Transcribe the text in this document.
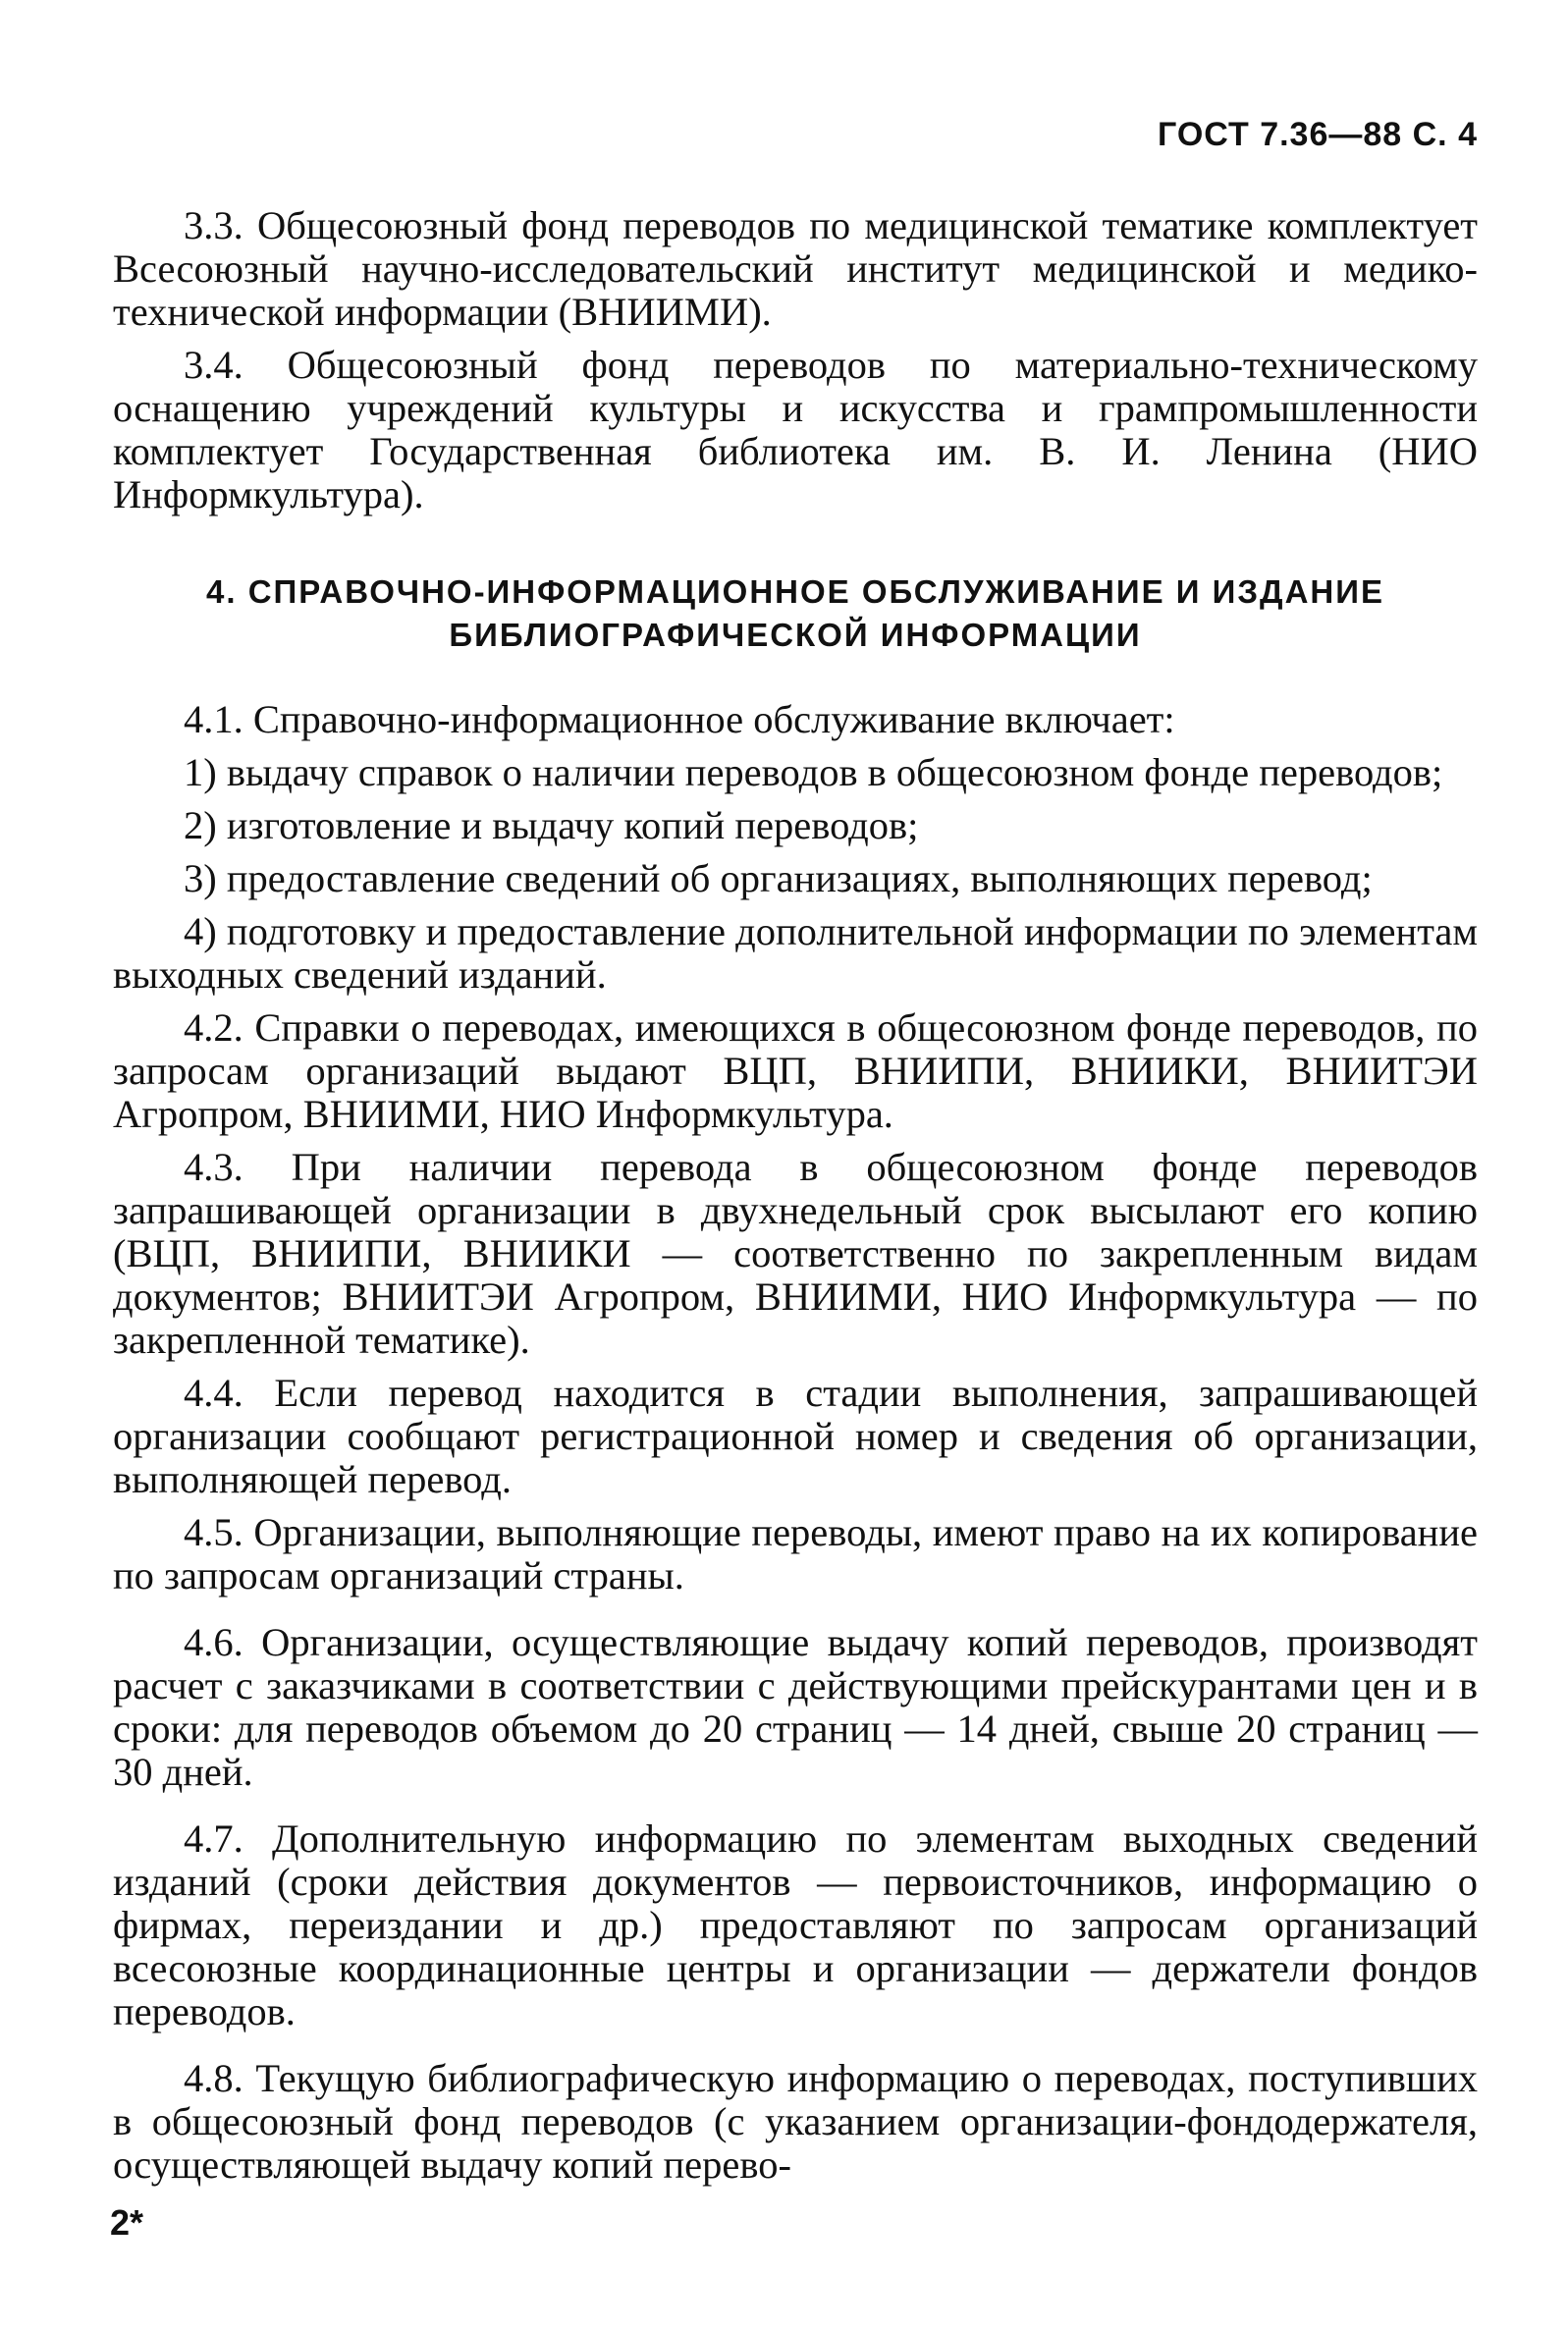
ГОСТ 7.36—88 С. 4

3.3. Общесоюзный фонд переводов по медицинской тематике комплектует Всесоюзный научно-исследовательский институт медицинской и медико-технической информации (ВНИИМИ).

3.4. Общесоюзный фонд переводов по материально-техническому оснащению учреждений культуры и искусства и грампромышленности комплектует Государственная библиотека им. В. И. Ленина (НИО Информкультура).

4. СПРАВОЧНО-ИНФОРМАЦИОННОЕ ОБСЛУЖИВАНИЕ И ИЗДАНИЕ БИБЛИОГРАФИЧЕСКОЙ ИНФОРМАЦИИ

4.1. Справочно-информационное обслуживание включает:

1) выдачу справок о наличии переводов в общесоюзном фонде переводов;

2) изготовление и выдачу копий переводов;

3) предоставление сведений об организациях, выполняющих перевод;

4) подготовку и предоставление дополнительной информации по элементам выходных сведений изданий.

4.2. Справки о переводах, имеющихся в общесоюзном фонде переводов, по запросам организаций выдают ВЦП, ВНИИПИ, ВНИИКИ, ВНИИТЭИ Агропром, ВНИИМИ, НИО Информкультура.

4.3. При наличии перевода в общесоюзном фонде переводов запрашивающей организации в двухнедельный срок высылают его копию (ВЦП, ВНИИПИ, ВНИИКИ — соответственно по закрепленным видам документов; ВНИИТЭИ Агропром, ВНИИМИ, НИО Информкультура — по закрепленной тематике).

4.4. Если перевод находится в стадии выполнения, запрашивающей организации сообщают регистрационной номер и сведения об организации, выполняющей перевод.

4.5. Организации, выполняющие переводы, имеют право на их копирование по запросам организаций страны.

4.6. Организации, осуществляющие выдачу копий переводов, производят расчет с заказчиками в соответствии с действующими прейскурантами цен и в сроки: для переводов объемом до 20 страниц — 14 дней, свыше 20 страниц — 30 дней.

4.7. Дополнительную информацию по элементам выходных сведений изданий (сроки действия документов — первоисточников, информацию о фирмах, переиздании и др.) предоставляют по запросам организаций всесоюзные координационные центры и организации — держатели фондов переводов.

4.8. Текущую библиографическую информацию о переводах, поступивших в общесоюзный фонд переводов (с указанием организации-фондодержателя, осуществляющей выдачу копий перево-

2*
